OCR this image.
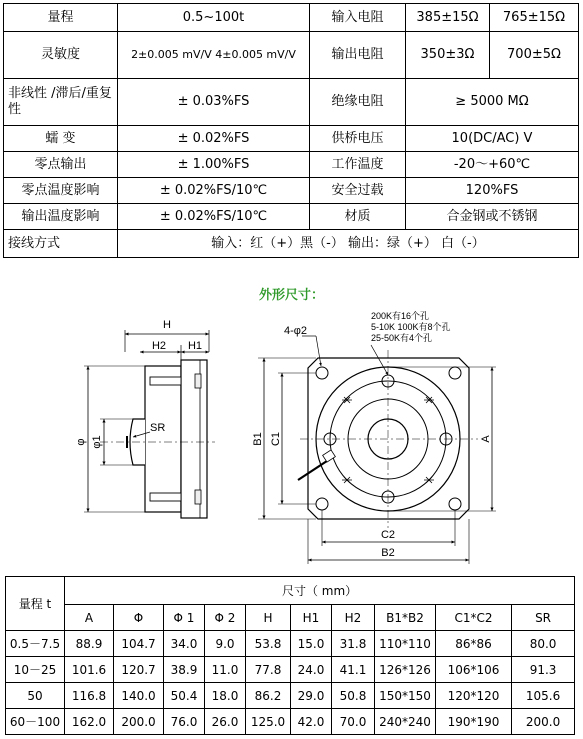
量程	0.5~100t	输入电阻	385±15Ω	765±15Ω
灵敏度	2±0.005 mV/V 4±0.005 mV/V	输出电阻	350±3Ω	700±5Ω
非线性 /滞后/重复性	± 0.03%FS	绝缘电阻	≥ 5000 MΩ	
蠕 变	± 0.02%FS	供桥电压	10(DC/AC) V	
零点输出	± 1.00%FS	工作温度	-20～+60℃	
零点温度影响	± 0.02%FS/10℃	安全过载	120%FS	
输出温度影响	± 0.02%FS/10℃	材质	合金钢或不锈钢	
接线方式	输入：红（+）黑（-） 输出：绿（+） 白（-）			
外形尺寸：
H
H2 H1
φ1
φ
SR
4-φ2
200K有16个孔
5-10K 100K有8个孔
25-50K有4个孔
B1 C1	A
C2
B2
量程 t	尺寸（ mm）									
	A	Φ	Φ 1	Φ 2	H	H1	H2	B1*B2	C1*C2	SR
0.5－7.5	88.9	104.7	34.0	9.0	53.8	15.0	31.8	110*110	86*86	80.0
10－25	101.6	120.7	38.9	11.0	77.8	24.0	41.1	126*126	106*106	91.3
50	116.8	140.0	50.4	18.0	86.2	29.0	50.8	150*150	120*120	105.6
60－100	162.0	200.0	76.0	26.0	125.0	42.0	70.0	240*240	190*190	200.0
